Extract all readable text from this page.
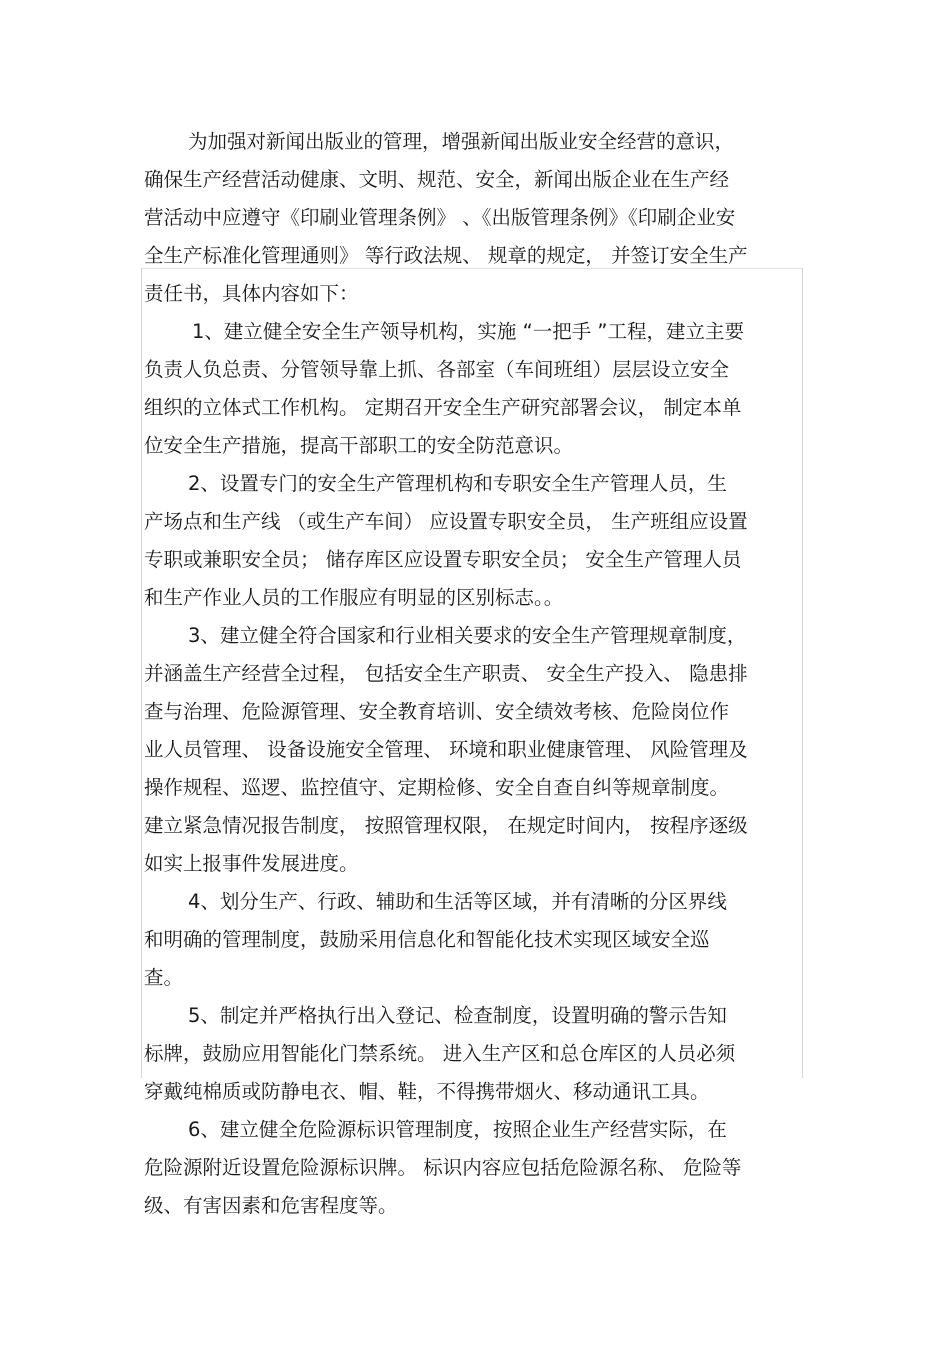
为加强对新闻出版业的管理，增强新闻出版业安全经营的意识，
确保生产经营活动健康、文明、规范、安全，新闻出版企业在生产经
营活动中应遵守《印刷业管理条例》 、《出版管理条例》《印刷企业安
全生产标准化管理通则》 等行政法规、 规章的规定， 并签订安全生产
责任书，具体内容如下：

1、建立健全安全生产领导机构，实施 “一把手 ”工程，建立主要
负责人负总责、分管领导靠上抓、各部室（车间班组）层层设立安全
组织的立体式工作机构。 定期召开安全生产研究部署会议， 制定本单
位安全生产措施，提高干部职工的安全防范意识。

2、设置专门的安全生产管理机构和专职安全生产管理人员，生
产场点和生产线 （或生产车间） 应设置专职安全员， 生产班组应设置
专职或兼职安全员； 储存库区应设置专职安全员； 安全生产管理人员
和生产作业人员的工作服应有明显的区别标志。。

3、建立健全符合国家和行业相关要求的安全生产管理规章制度，
并涵盖生产经营全过程， 包括安全生产职责、 安全生产投入、 隐患排
查与治理、危险源管理、安全教育培训、安全绩效考核、危险岗位作
业人员管理、 设备设施安全管理、 环境和职业健康管理、 风险管理及
操作规程、巡逻、监控值守、定期检修、安全自查自纠等规章制度。
建立紧急情况报告制度， 按照管理权限， 在规定时间内， 按程序逐级
如实上报事件发展进度。

4、划分生产、行政、辅助和生活等区域，并有清晰的分区界线
和明确的管理制度，鼓励采用信息化和智能化技术实现区域安全巡
查。

5、制定并严格执行出入登记、检查制度，设置明确的警示告知
标牌，鼓励应用智能化门禁系统。 进入生产区和总仓库区的人员必须
穿戴纯棉质或防静电衣、帽、鞋，不得携带烟火、移动通讯工具。

6、建立健全危险源标识管理制度，按照企业生产经营实际，在
危险源附近设置危险源标识牌。 标识内容应包括危险源名称、 危险等
级、有害因素和危害程度等。
